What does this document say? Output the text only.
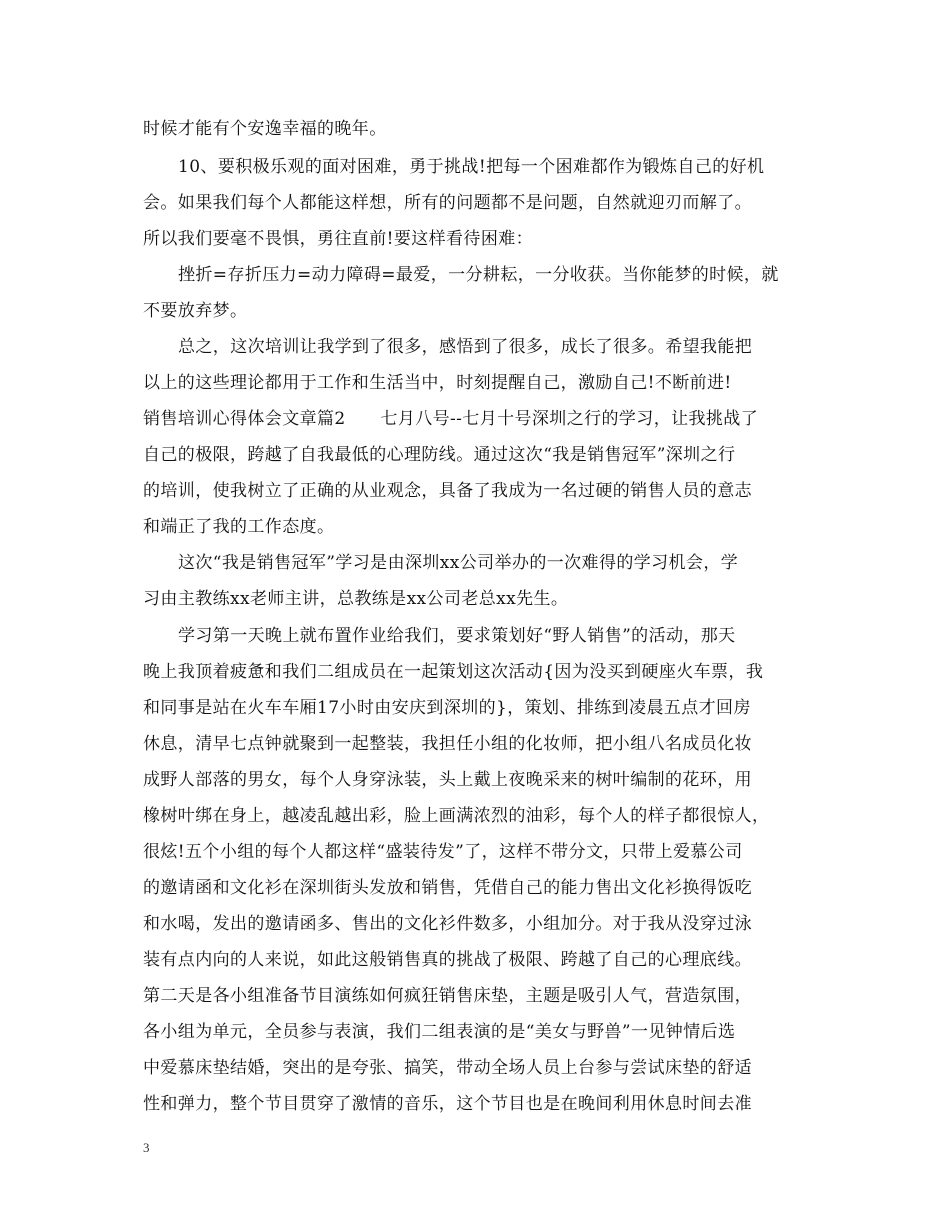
时候才能有个安逸幸福的晚年。
10、要积极乐观的面对困难，勇于挑战!把每一个困难都作为锻炼自己的好机
会。如果我们每个人都能这样想，所有的问题都不是问题，自然就迎刃而解了。
所以我们要毫不畏惧，勇往直前!要这样看待困难：
挫折=存折压力=动力障碍=最爱，一分耕耘，一分收获。当你能梦的时候，就
不要放弃梦。
总之，这次培训让我学到了很多，感悟到了很多，成长了很多。希望我能把
以上的这些理论都用于工作和生活当中，时刻提醒自己，激励自己!不断前进!
销售培训心得体会文章篇2　　七月八号--七月十号深圳之行的学习，让我挑战了
自己的极限，跨越了自我最低的心理防线。通过这次“我是销售冠军”深圳之行
的培训，使我树立了正确的从业观念，具备了我成为一名过硬的销售人员的意志
和端正了我的工作态度。
这次“我是销售冠军”学习是由深圳xx公司举办的一次难得的学习机会，学
习由主教练xx老师主讲，总教练是xx公司老总xx先生。
学习第一天晚上就布置作业给我们，要求策划好“野人销售”的活动，那天
晚上我顶着疲惫和我们二组成员在一起策划这次活动{因为没买到硬座火车票，我
和同事是站在火车车厢17小时由安庆到深圳的}，策划、排练到凌晨五点才回房
休息，清早七点钟就聚到一起整装，我担任小组的化妆师，把小组八名成员化妆
成野人部落的男女，每个人身穿泳装，头上戴上夜晚采来的树叶编制的花环，用
橡树叶绑在身上，越凌乱越出彩，脸上画满浓烈的油彩，每个人的样子都很惊人，
很炫!五个小组的每个人都这样“盛装待发”了，这样不带分文，只带上爱慕公司
的邀请函和文化衫在深圳街头发放和销售，凭借自己的能力售出文化衫换得饭吃
和水喝，发出的邀请函多、售出的文化衫件数多，小组加分。对于我从没穿过泳
装有点内向的人来说，如此这般销售真的挑战了极限、跨越了自己的心理底线。
第二天是各小组准备节目演练如何疯狂销售床垫，主题是吸引人气，营造氛围，
各小组为单元，全员参与表演，我们二组表演的是“美女与野兽”一见钟情后选
中爱慕床垫结婚，突出的是夸张、搞笑，带动全场人员上台参与尝试床垫的舒适
性和弹力，整个节目贯穿了激情的音乐，这个节目也是在晚间利用休息时间去准
3
